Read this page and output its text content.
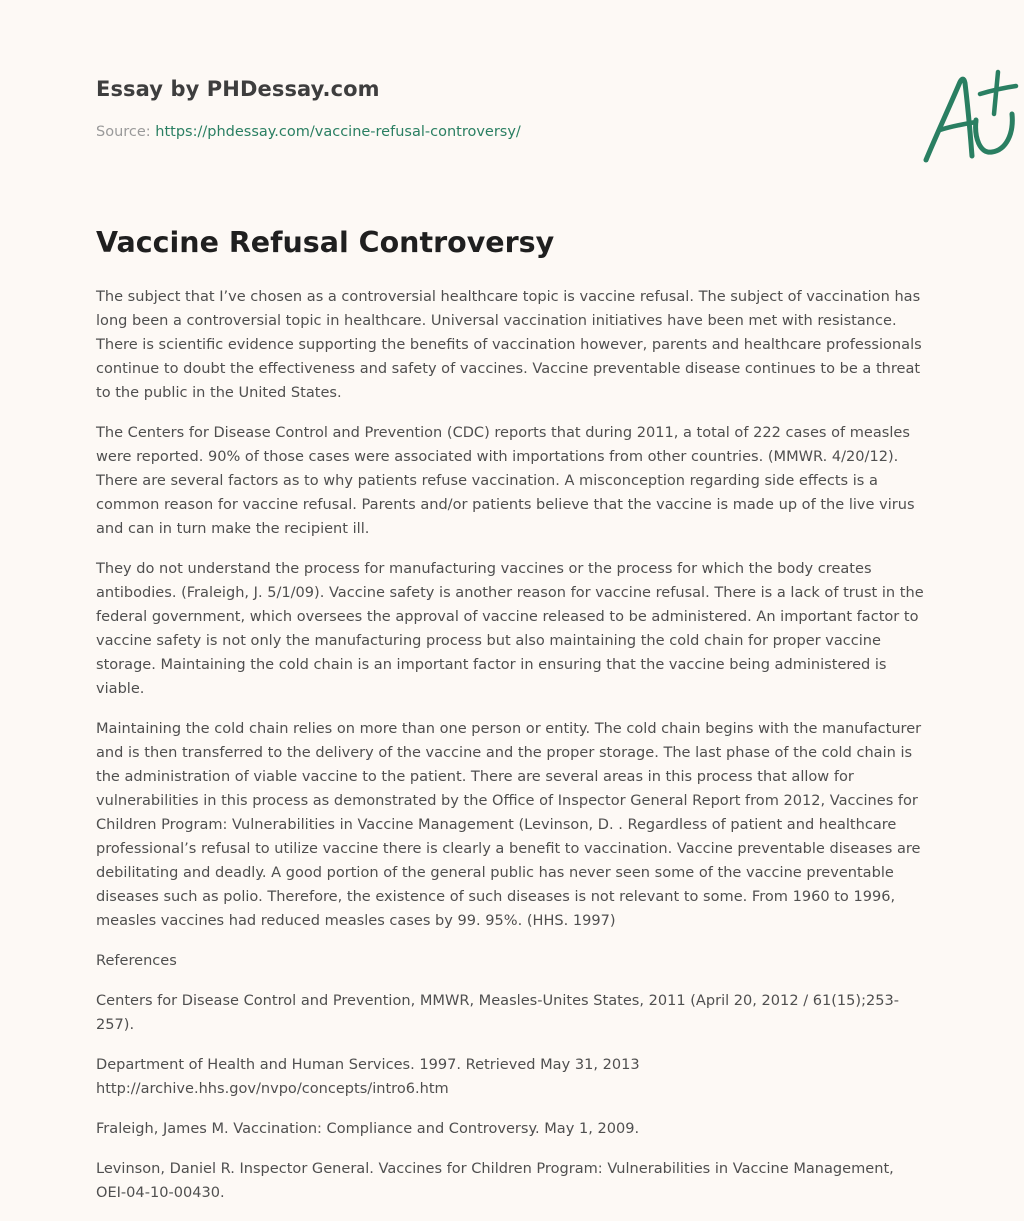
Essay by PHDessay.com
Source: https://phdessay.com/vaccine-refusal-controversy/
Vaccine Refusal Controversy

The subject that I’ve chosen as a controversial healthcare topic is vaccine refusal. The subject of vaccination has long been a controversial topic in healthcare. Universal vaccination initiatives have been met with resistance. There is scientific evidence supporting the benefits of vaccination however, parents and healthcare professionals continue to doubt the effectiveness and safety of vaccines. Vaccine preventable disease continues to be a threat to the public in the United States.

The Centers for Disease Control and Prevention (CDC) reports that during 2011, a total of 222 cases of measles were reported. 90% of those cases were associated with importations from other countries. (MMWR. 4/20/12). There are several factors as to why patients refuse vaccination. A misconception regarding side effects is a common reason for vaccine refusal. Parents and/or patients believe that the vaccine is made up of the live virus and can in turn make the recipient ill.

They do not understand the process for manufacturing vaccines or the process for which the body creates antibodies. (Fraleigh, J. 5/1/09). Vaccine safety is another reason for vaccine refusal. There is a lack of trust in the federal government, which oversees the approval of vaccine released to be administered. An important factor to vaccine safety is not only the manufacturing process but also maintaining the cold chain for proper vaccine storage. Maintaining the cold chain is an important factor in ensuring that the vaccine being administered is viable.

Maintaining the cold chain relies on more than one person or entity. The cold chain begins with the manufacturer and is then transferred to the delivery of the vaccine and the proper storage. The last phase of the cold chain is the administration of viable vaccine to the patient. There are several areas in this process that allow for vulnerabilities in this process as demonstrated by the Office of Inspector General Report from 2012, Vaccines for Children Program: Vulnerabilities in Vaccine Management (Levinson, D. . Regardless of patient and healthcare professional’s refusal to utilize vaccine there is clearly a benefit to vaccination. Vaccine preventable diseases are debilitating and deadly. A good portion of the general public has never seen some of the vaccine preventable diseases such as polio. Therefore, the existence of such diseases is not relevant to some. From 1960 to 1996, measles vaccines had reduced measles cases by 99. 95%. (HHS. 1997)

References

Centers for Disease Control and Prevention, MMWR, Measles-Unites States, 2011 (April 20, 2012 / 61(15);253-257).

Department of Health and Human Services. 1997. Retrieved May 31, 2013 http://archive.hhs.gov/nvpo/concepts/intro6.htm

Fraleigh, James M. Vaccination: Compliance and Controversy. May 1, 2009.

Levinson, Daniel R. Inspector General. Vaccines for Children Program: Vulnerabilities in Vaccine Management, OEI-04-10-00430.
